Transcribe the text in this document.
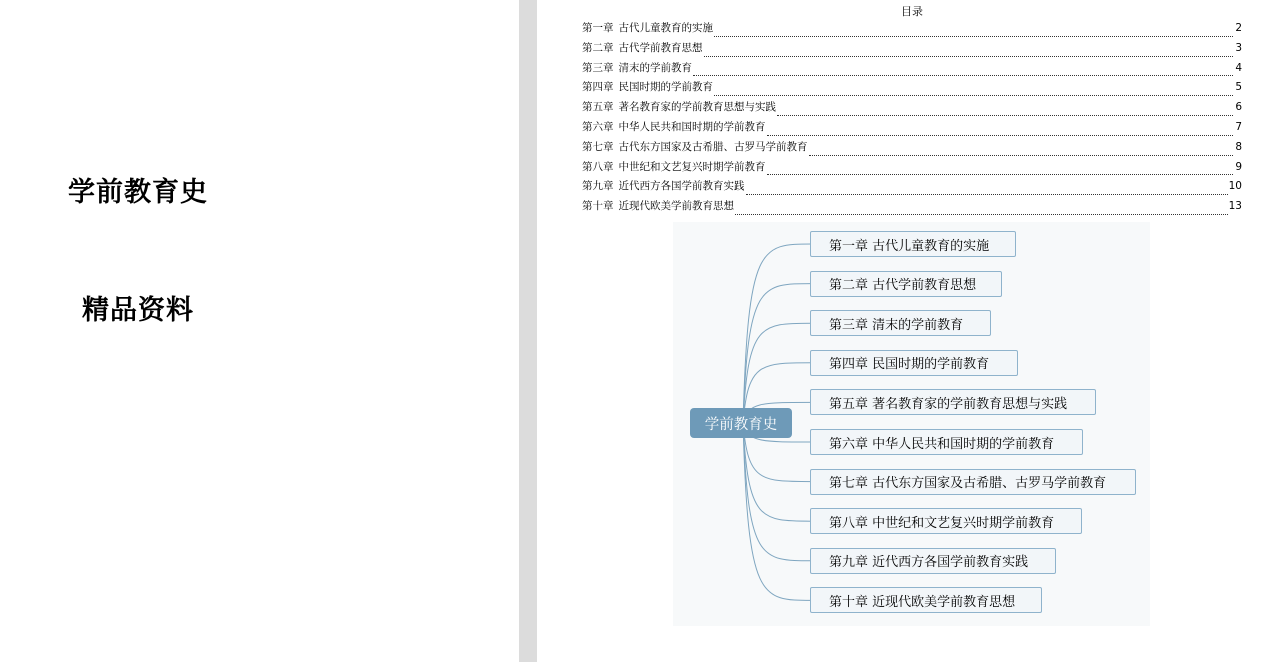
学前教育史
精品资料
目录
第一章 古代儿童教育的实施	2
第二章 古代学前教育思想	3
第三章 清末的学前教育	4
第四章 民国时期的学前教育	5
第五章 著名教育家的学前教育思想与实践	6
第六章 中华人民共和国时期的学前教育	7
第七章 古代东方国家及古希腊、古罗马学前教育	8
第八章 中世纪和文艺复兴时期学前教育	9
第九章 近代西方各国学前教育实践	10
第十章 近现代欧美学前教育思想	13
学前教育史
第一章 古代儿童教育的实施
第二章 古代学前教育思想
第三章 清末的学前教育
第四章 民国时期的学前教育
第五章 著名教育家的学前教育思想与实践
第六章 中华人民共和国时期的学前教育
第七章 古代东方国家及古希腊、古罗马学前教育
第八章 中世纪和文艺复兴时期学前教育
第九章 近代西方各国学前教育实践
第十章 近现代欧美学前教育思想
